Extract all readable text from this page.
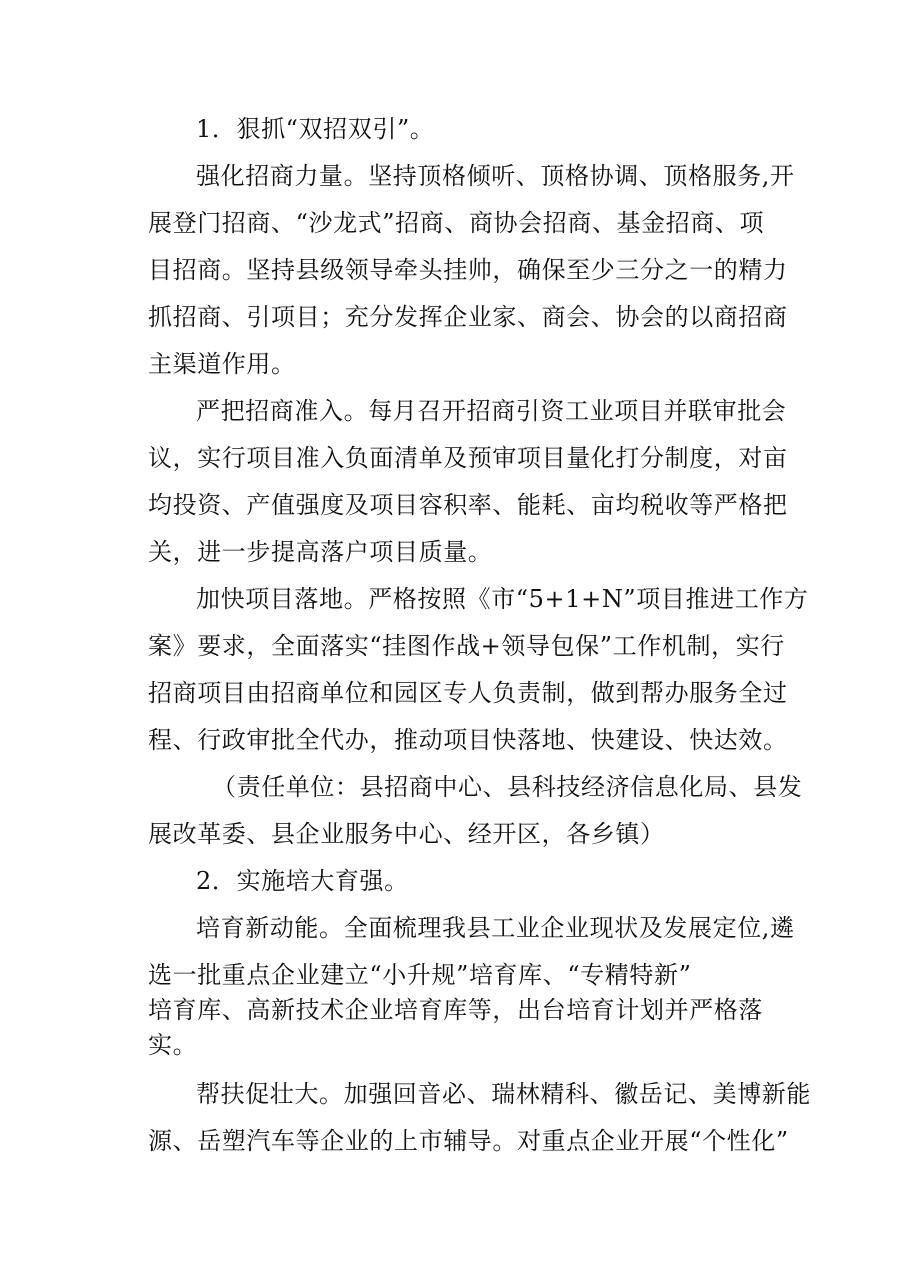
1．狠抓“双招双引”。
强化招商力量。坚持顶格倾听、顶格协调、顶格服务,开
展登门招商、“沙龙式”招商、商协会招商、基金招商、项
目招商。坚持县级领导牵头挂帅，确保至少三分之一的精力
抓招商、引项目；充分发挥企业家、商会、协会的以商招商
主渠道作用。
严把招商准入。每月召开招商引资工业项目并联审批会
议，实行项目准入负面清单及预审项目量化打分制度，对亩
均投资、产值强度及项目容积率、能耗、亩均税收等严格把
关，进一步提高落户项目质量。
加快项目落地。严格按照《市“5+1+N”项目推进工作方
案》要求，全面落实“挂图作战+领导包保”工作机制，实行
招商项目由招商单位和园区专人负责制，做到帮办服务全过
程、行政审批全代办，推动项目快落地、快建设、快达效。
（责任单位：县招商中心、县科技经济信息化局、县发
展改革委、县企业服务中心、经开区，各乡镇）
2．实施培大育强。
培育新动能。全面梳理我县工业企业现状及发展定位,遴
选一批重点企业建立“小升规”培育库、“专精特新”
培育库、高新技术企业培育库等，出台培育计划并严格落
实。
帮扶促壮大。加强回音必、瑞林精科、徽岳记、美博新能
源、岳塑汽车等企业的上市辅导。对重点企业开展“个性化”
